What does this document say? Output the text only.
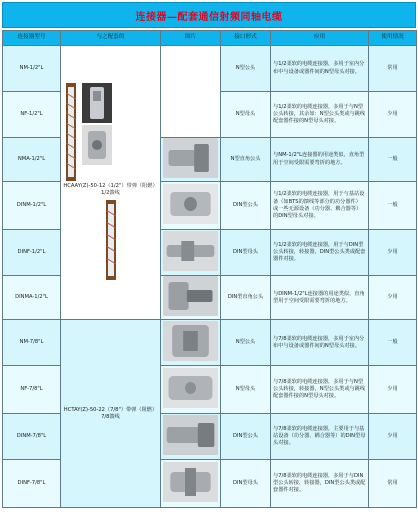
连接器—配套通信射频同轴电缆
连接器型号	与之配套的	图片	接口形式	应用	使用情况
NM-1/2"L	HCAAY(Z)-50-12（1/2"）带弹（阻燃）1/2馈线		N型公头	与1/2柔软的电缆连接器，多用于室内分布中与设备或器件间的N型母头对接。	常用
NF-1/2"L			N型母头	与1/2柔软的电缆连接器，多用于与N型公头转接，其余如：N型公头类或与跳线配套器件接的N型母头对接。	少用
NMA-1/2"L			N型直角公头	与NM-1/2"L连接器的用途类似，直角型用于空间受限需要弯折的地方。	一般
DINM-1/2"L			DIN型公头	与1/2柔软的电缆连接器，用于与基站设备（如BTS的馈线等部分的功分器件）或一些无源设备（功分器、耦合器等）的DIN型母头对接。	一般
DINF-1/2"L			DIN型母头	与1/2柔软的电缆连接器，用于与DIN型公头转接，转接器，DIN型公头类或配套器件对接。	少用
DINMA-1/2"L			DIN型直角公头	与DINM-1/2"L连接器的用途类似，直角型用于空间受限需要弯折的地方。	少用
NM-7/8"L	HCTAY(Z)-50-22（7/8"）带弹（阻燃）7/8馈线		N型公头	与7/8柔软的电缆连接器，多用于室内分布中与设备或器件间的N型母头对接。	一般
NF-7/8"L			N型母头	与7/8柔软的电缆连接器，多用于与N型公头转接，转接器，N型公头类或与跳线配套器件接的N型母头对接。	少用
DINM-7/8"L			DIN型公头	与7/8柔软的电缆连接器，主要用于与基站设备（功分器、耦合器等）的DIN型母头对接。	少用
DINF-7/8"L			DIN型母头	与7/8柔软的电缆连接器，多用于与DIN型公头转接，转接器，DIN型公头类或配套器件对接。	常用
